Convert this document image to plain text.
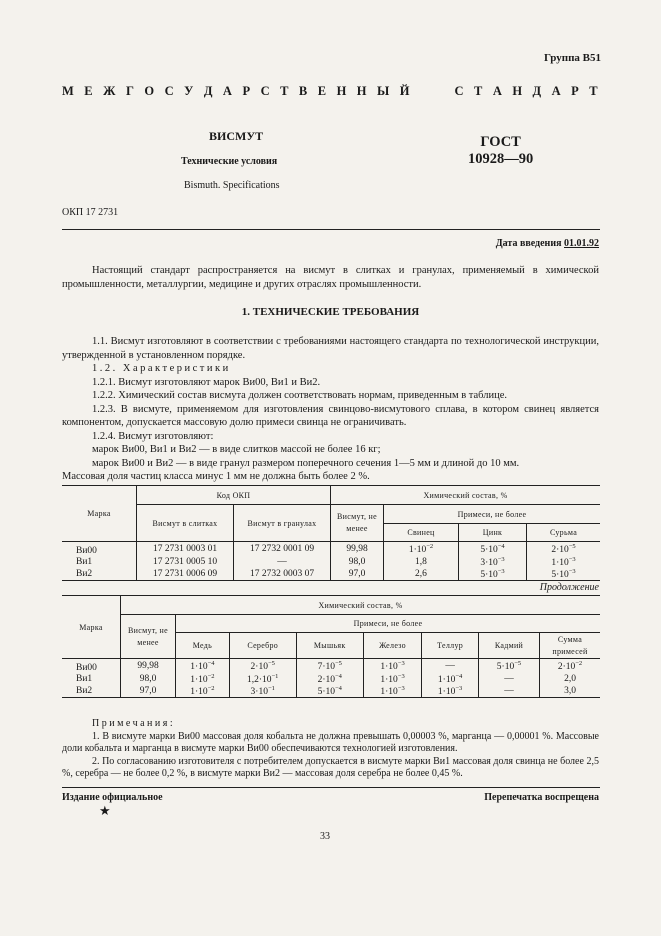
Группа В51
М Е Ж Г О С У Д А Р С Т В Е Н Н Ы Й
	С Т А Н Д А Р Т
ВИСМУТ
Технические условия
Bismuth. Specifications
ГОСТ
10928—90
ОКП 17 2731
Дата введения 01.01.92

Настоящий стандарт распространяется на висмут в слитках и гранулах, применяемый в химической промышленности, металлургии, медицине и других отраслях промышленности.

1. ТЕХНИЧЕСКИЕ ТРЕБОВАНИЯ

1.1. Висмут изготовляют в соответствии с требованиями настоящего стандарта по технологической инструкции, утвержденной в установленном порядке.

1.2. Характеристики

1.2.1. Висмут изготовляют марок Ви00, Ви1 и Ви2.

1.2.2. Химический состав висмута должен соответствовать нормам, приведенным в таблице.

1.2.3. В висмуте, применяемом для изготовления свинцово-висмутового сплава, в котором свинец является компонентом, допускается массовую долю примеси свинца не ограничивать.

1.2.4. Висмут изготовляют:

марок Ви00, Ви1 и Ви2 — в виде слитков массой не более 16 кг;

марок Ви00 и Ви2 — в виде гранул размером поперечного сечения 1—5 мм и длиной до 10 мм.

Массовая доля частиц класса минус 1 мм не должна быть более 2 %.

Марка	Код ОКП		Химический состав, %			
	Висмут в слитках	Висмут в гранулах	Висмут, не менее	Примеси, не более		
				Свинец	Цинк	Сурьма
Ви00	17 2731 0003 01	17 2732 0001 09	99,98	$1\cdot 10^{-2}$	$5\cdot 10^{-4}$	$2\cdot 10^{-5}$
Ви1	17 2731 0005 10	—	98,0	1,8	$3\cdot 10^{-3}$	$1\cdot 10^{-3}$
Ви2	17 2731 0006 09	17 2732 0003 07	97,0	2,6	$5\cdot 10^{-3}$	$5\cdot 10^{-3}$
Продолжение
Марка	Химический состав, %							
	Висмут, не менее	Примеси, не более						
		Медь	Серебро	Мышьяк	Железо	Теллур	Кадмий	Сумма примесей
Ви00	99,98	$1\cdot 10^{-4}$	$2\cdot 10^{-5}$	$7\cdot 10^{-5}$	$1\cdot 10^{-3}$	—	$5\cdot 10^{-5}$	$2\cdot 10^{-2}$
Ви1	98,0	$1\cdot 10^{-2}$	$1,2\cdot 10^{-1}$	$2\cdot 10^{-4}$	$1\cdot 10^{-3}$	$1\cdot 10^{-4}$	—	2,0
Ви2	97,0	$1\cdot 10^{-2}$	$3\cdot 10^{-1}$	$5\cdot 10^{-4}$	$1\cdot 10^{-3}$	$1\cdot 10^{-3}$	—	3,0

Примечания:

1. В висмуте марки Ви00 массовая доля кобальта не должна превышать 0,00003 %, марганца — 0,00001 %. Массовые доли кобальта и марганца в висмуте марки Ви00 обеспечиваются технологией изготовления.

2. По согласованию изготовителя с потребителем допускается в висмуте марки Ви1 массовая доля свинца не более 2,5 %, серебра — не более 0,2 %, в висмуте марки Ви2 — массовая доля серебра не более 0,45 %.

Издание официальное	Перепечатка воспрещена
★
33
